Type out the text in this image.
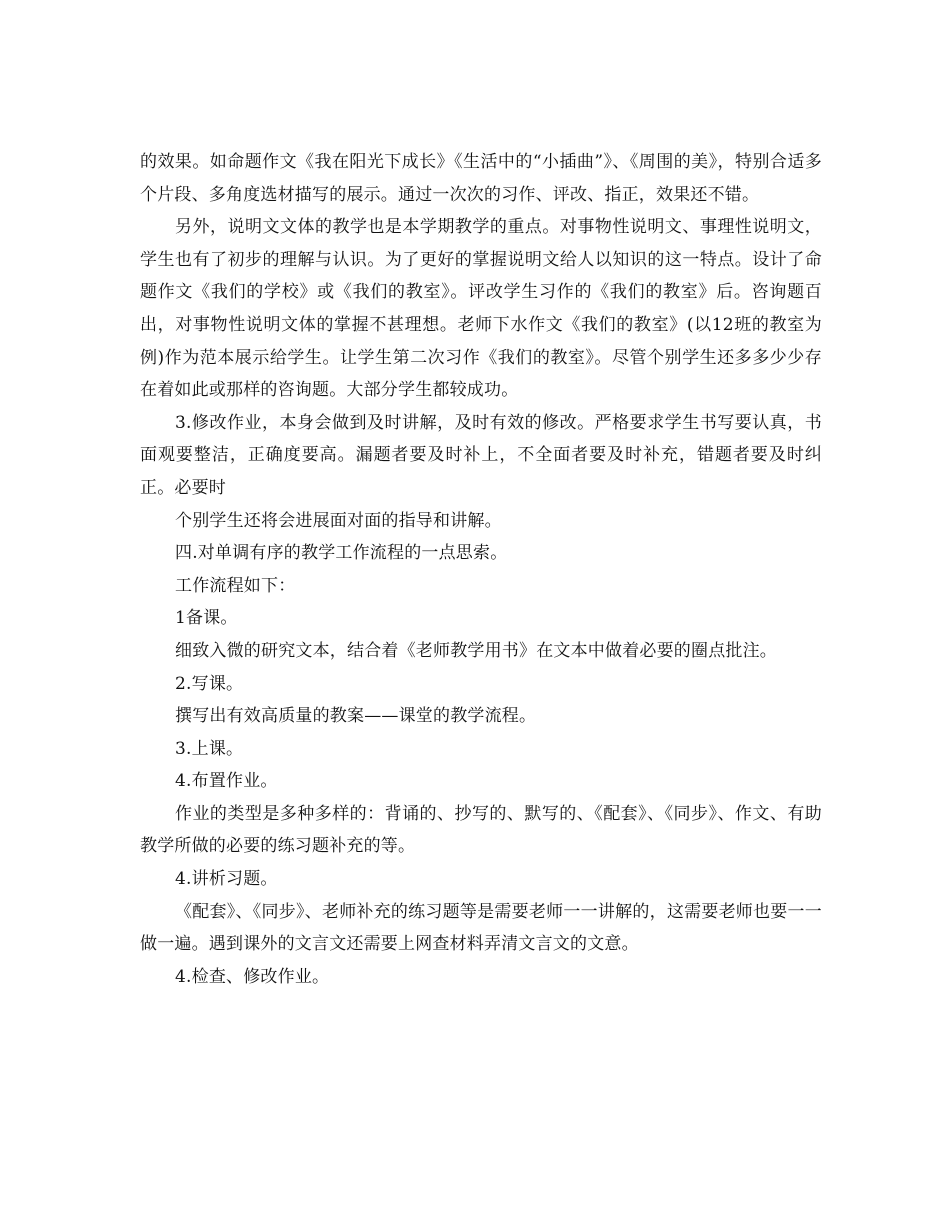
的效果。如命题作文《我在阳光下成长》《生活中的“小插曲”》、《周围的美》，特别合适多个片段、多角度选材描写的展示。通过一次次的习作、评改、指正，效果还不错。

另外，说明文文体的教学也是本学期教学的重点。对事物性说明文、事理性说明文，学生也有了初步的理解与认识。为了更好的掌握说明文给人以知识的这一特点。设计了命题作文《我们的学校》或《我们的教室》。评改学生习作的《我们的教室》后。咨询题百出，对事物性说明文体的掌握不甚理想。老师下水作文《我们的教室》(以12班的教室为例)作为范本展示给学生。让学生第二次习作《我们的教室》。尽管个别学生还多多少少存在着如此或那样的咨询题。大部分学生都较成功。

3.修改作业，本身会做到及时讲解，及时有效的修改。严格要求学生书写要认真，书面观要整洁，正确度要高。漏题者要及时补上，不全面者要及时补充，错题者要及时纠正。必要时

个别学生还将会进展面对面的指导和讲解。

四.对单调有序的教学工作流程的一点思索。

工作流程如下：

1备课。

细致入微的研究文本，结合着《老师教学用书》在文本中做着必要的圈点批注。

2.写课。

撰写出有效高质量的教案——课堂的教学流程。

3.上课。

4.布置作业。

作业的类型是多种多样的：背诵的、抄写的、默写的、《配套》、《同步》、作文、有助教学所做的必要的练习题补充的等。

4.讲析习题。

《配套》、《同步》、老师补充的练习题等是需要老师一一讲解的，这需要老师也要一一做一遍。遇到课外的文言文还需要上网查材料弄清文言文的文意。

4.检查、修改作业。
